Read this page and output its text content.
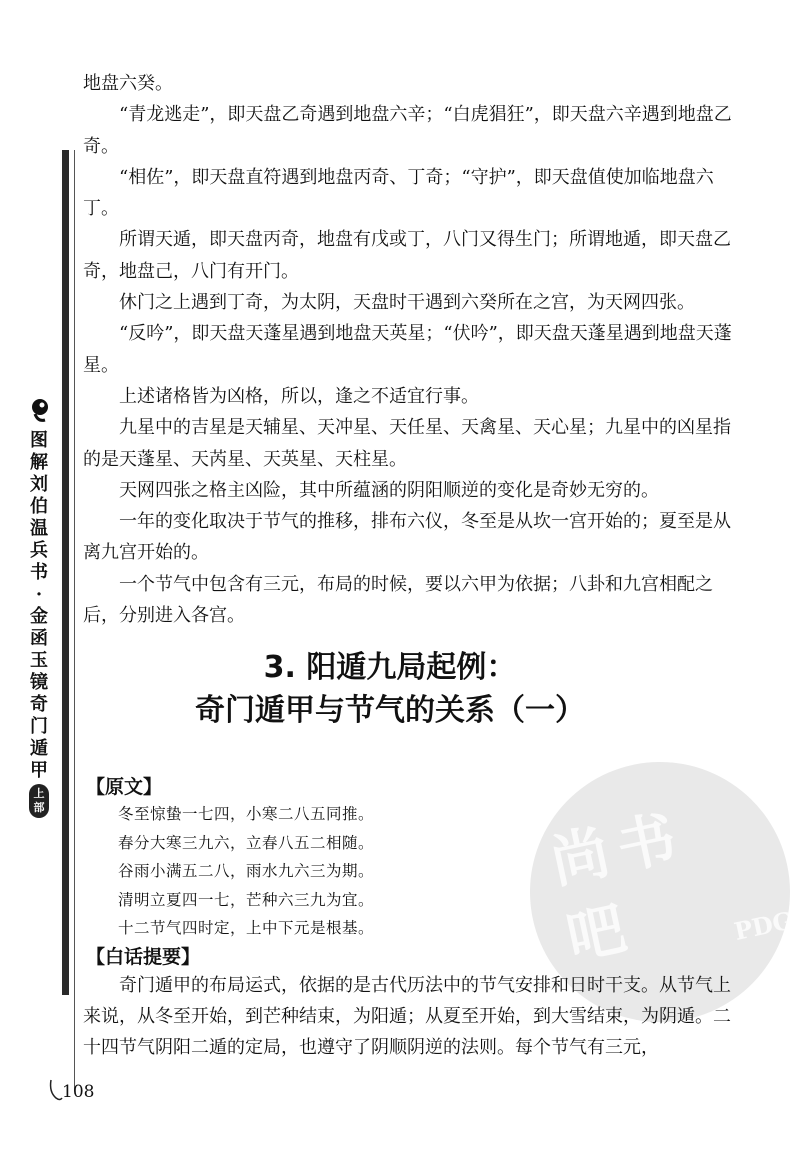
图
解
刘
伯
温
兵
书
·
金
函
玉
镜
奇
门
遁
甲
上部	尚书吧	PDG

地盘六癸。

“青龙逃走”，即天盘乙奇遇到地盘六辛；“白虎猖狂”，即天盘六辛遇到地盘乙奇。

“相佐”，即天盘直符遇到地盘丙奇、丁奇；“守护”，即天盘值使加临地盘六丁。

所谓天遁，即天盘丙奇，地盘有戊或丁，八门又得生门；所谓地遁，即天盘乙奇，地盘己，八门有开门。

休门之上遇到丁奇，为太阴，天盘时干遇到六癸所在之宫，为天网四张。

“反吟”，即天盘天蓬星遇到地盘天英星；“伏吟”，即天盘天蓬星遇到地盘天蓬星。

上述诸格皆为凶格，所以，逢之不适宜行事。

九星中的吉星是天辅星、天冲星、天任星、天禽星、天心星；九星中的凶星指的是天蓬星、天芮星、天英星、天柱星。

天网四张之格主凶险，其中所蕴涵的阴阳顺逆的变化是奇妙无穷的。

一年的变化取决于节气的推移，排布六仪，冬至是从坎一宫开始的；夏至是从离九宫开始的。

一个节气中包含有三元，布局的时候，要以六甲为依据；八卦和九宫相配之后，分别进入各宫。

3. 阳遁九局起例：
奇门遁甲与节气的关系（一）
【原文】

冬至惊蛰一七四，小寒二八五同推。

春分大寒三九六，立春八五二相随。

谷雨小满五二八，雨水九六三为期。

清明立夏四一七，芒种六三九为宜。

十二节气四时定，上中下元是根基。

【白话提要】

奇门遁甲的布局运式，依据的是古代历法中的节气安排和日时干支。从节气上来说，从冬至开始，到芒种结束，为阳遁；从夏至开始，到大雪结束，为阴遁。二十四节气阴阳二遁的定局，也遵守了阴顺阴逆的法则。每个节气有三元，

108
